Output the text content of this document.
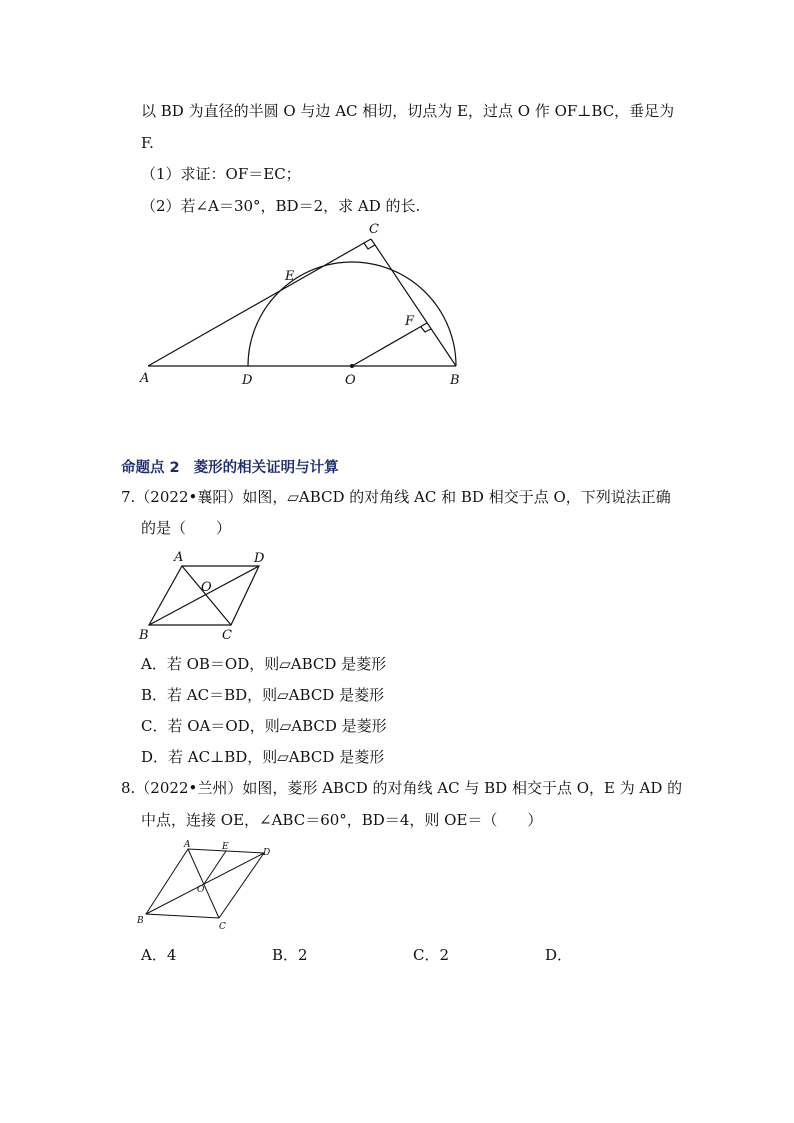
以 BD 为直径的半圆 O 与边 AC 相切，切点为 E，过点 O 作 OF⊥BC，垂足为
F.
（1）求证：OF＝EC；
（2）若∠A＝30°，BD＝2，求 AD 的长.
C
E
F
A	D	O	B
命题点 2 菱形的相关证明与计算
7.（2022•襄阳）如图，▱ABCD 的对角线 AC 和 BD 相交于点 O，下列说法正确
的是（　　）
A	D
O
B	C
A．若 OB＝OD，则▱ABCD 是菱形
B．若 AC＝BD，则▱ABCD 是菱形
C．若 OA＝OD，则▱ABCD 是菱形
D．若 AC⊥BD，则▱ABCD 是菱形
8.（2022•兰州）如图，菱形 ABCD 的对角线 AC 与 BD 相交于点 O，E 为 AD 的
中点，连接 OE，∠ABC＝60°，BD＝4，则 OE＝（　　）
A	E
D
O
B
C
A．4	B．2	C．2	D．
